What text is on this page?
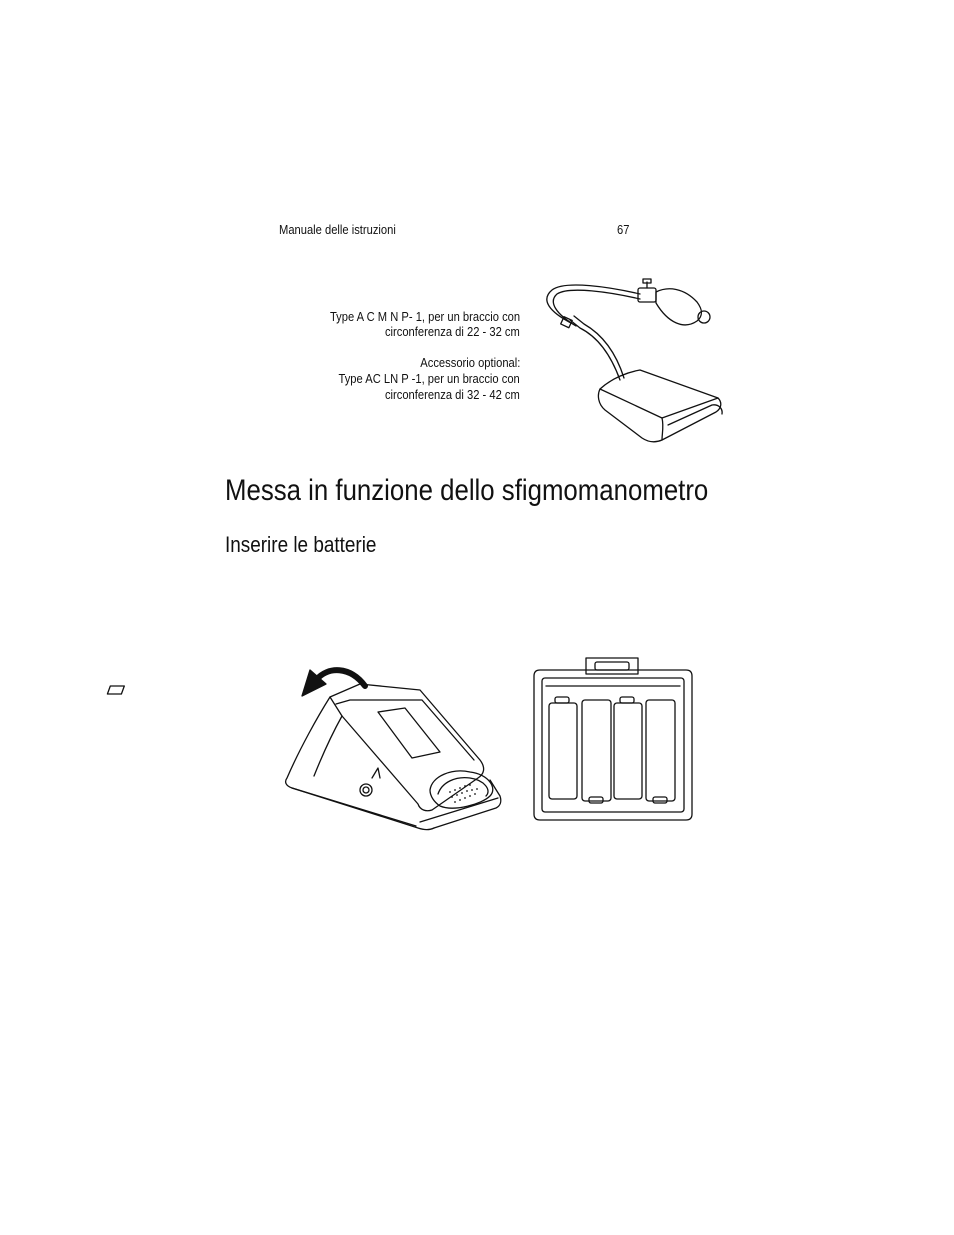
Manuale delle istruzioni	67
Type A C M N P- 1, per un braccio con
circonferenza di 22 - 32 cm
Accessorio optional:
Type AC LN P -1, per un braccio con
circonferenza di 32 - 42 cm
Messa in funzione dello sfigmomanometro
Inserire le batterie
